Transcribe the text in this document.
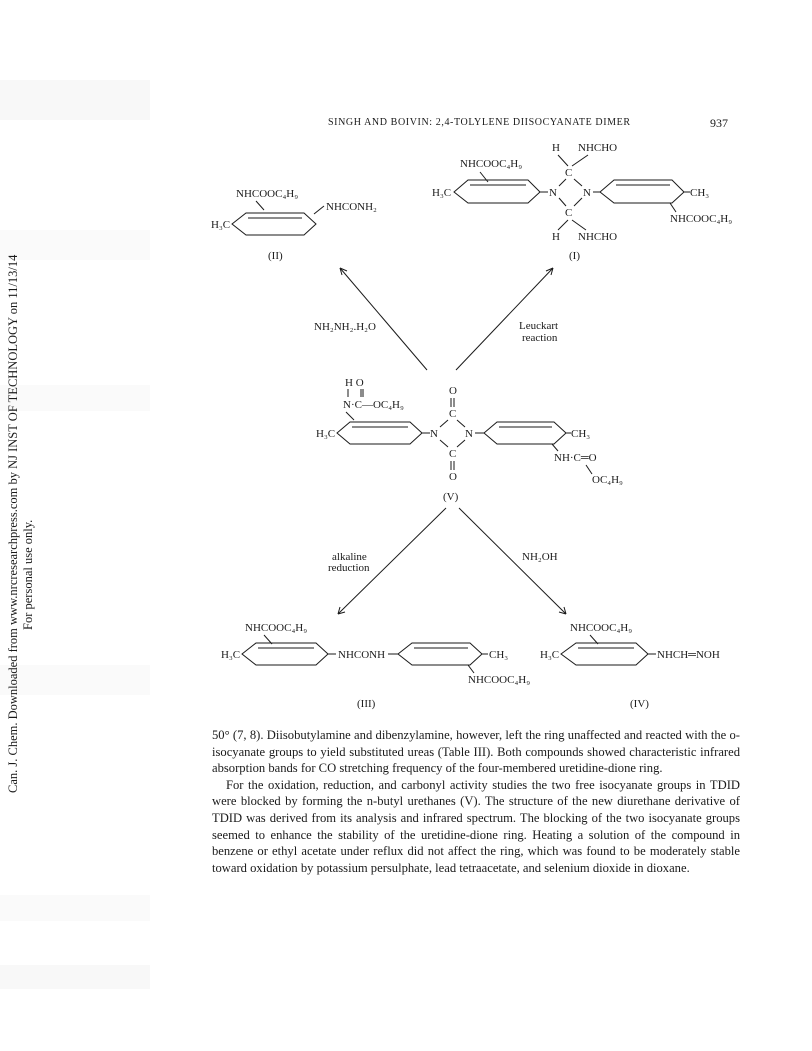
Can. J. Chem. Downloaded from www.nrcresearchpress.com by NJ INST OF TECHNOLOGY on 11/13/14 For personal use only.
SINGH AND BOIVIN: 2,4-TOLYLENE DIISOCYANATE DIMER	937
H NHCHO
C
NHCOOC₄H₉
H₃C	N N	CH₃
NHCOOC₄H₉
C
H NHCHO
(I)
NHCOOC₄H₉
NHCONH₂
H₃C
(II)
NH₂NH₂.H₂O	Leuckart
reaction
H O
N·C—OC₄H₉
H₃C	N
O
C
N
C
O
CH₃
NH·C═O
OC₄H₉
(V)
alkaline
reduction
NH₂OH
NHCOOC₄H₉
H₃C	NHCONH	CH₃
NHCOOC₄H₉
(III)
NHCOOC₄H₉
H₃C	NHCH═NOH
(IV)

50° (7, 8). Diisobutylamine and dibenzylamine, however, left the ring unaffected and reacted with the o-isocyanate groups to yield substituted ureas (Table III). Both compounds showed characteristic infrared absorption bands for CO stretching frequency of the four-membered uretidine-dione ring.

For the oxidation, reduction, and carbonyl activity studies the two free isocyanate groups in TDID were blocked by forming the n-butyl urethanes (V). The structure of the new diurethane derivative of TDID was derived from its analysis and infrared spectrum. The blocking of the two isocyanate groups seemed to enhance the stability of the uretidine-dione ring. Heating a solution of the compound in benzene or ethyl acetate under reflux did not affect the ring, which was found to be moderately stable toward oxidation by potassium persulphate, lead tetraacetate, and selenium dioxide in dioxane.
